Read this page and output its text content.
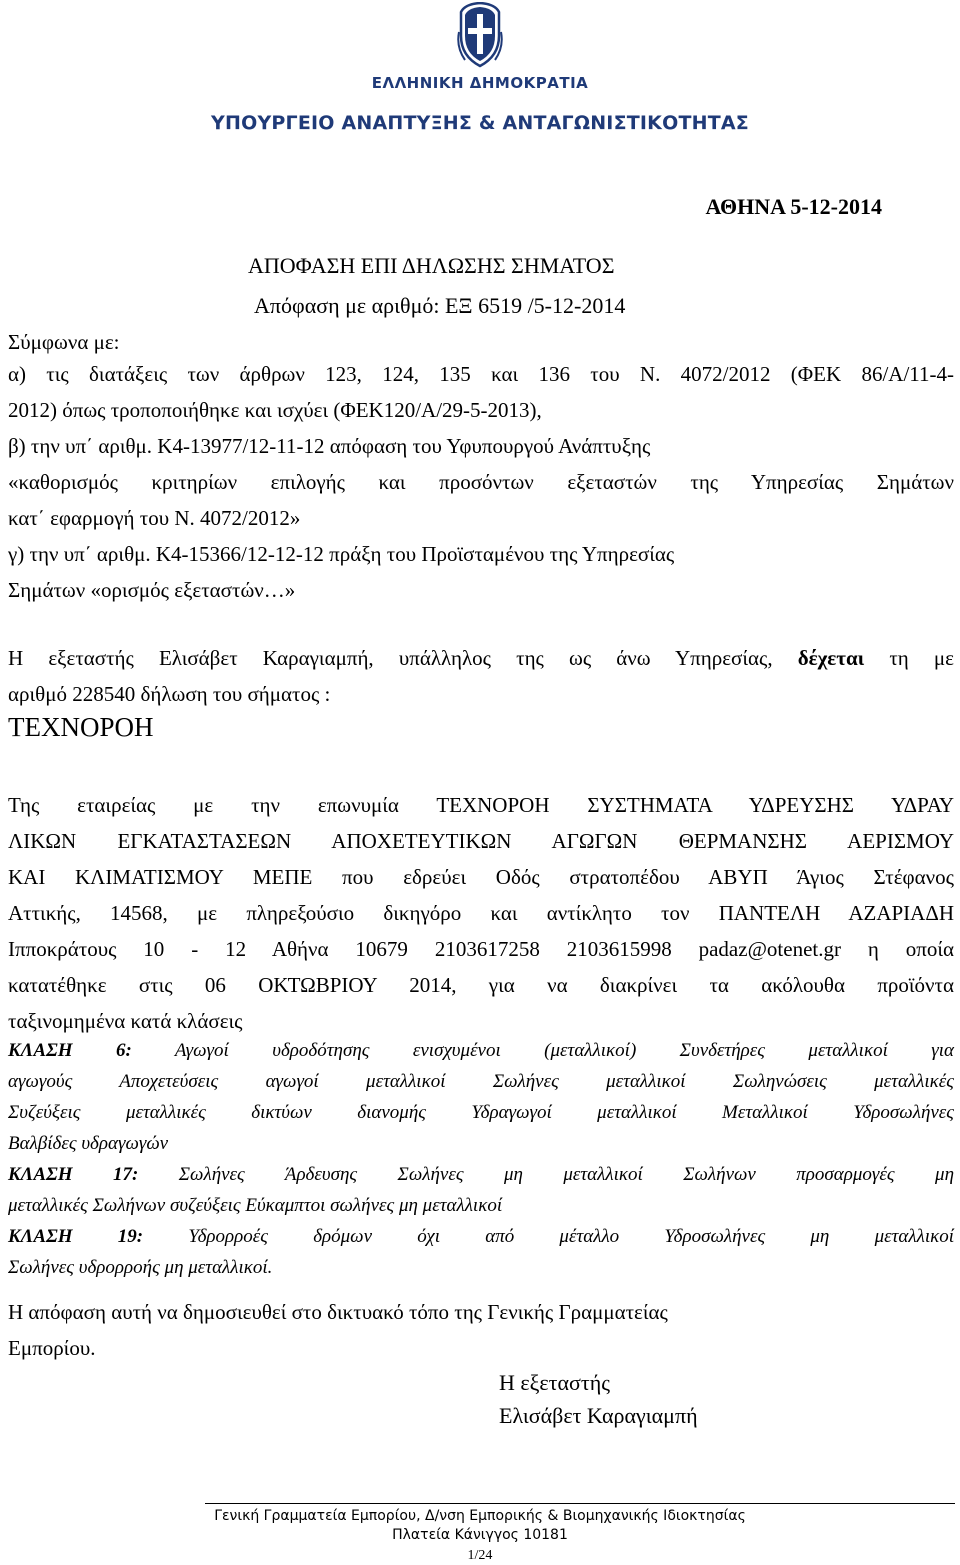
ΕΛΛΗΝΙΚΗ ΔΗΜΟΚΡΑΤΙΑ
ΥΠΟΥΡΓΕΙΟ ΑΝΑΠΤΥΞΗΣ & ΑΝΤΑΓΩΝΙΣΤΙΚΟΤΗΤΑΣ
ΑΘΗΝΑ 5-12-2014
ΑΠΟΦΑΣΗ ΕΠΙ ΔΗΛΩΣΗΣ ΣΗΜΑΤΟΣ
Απόφαση με αριθμό: ΕΞ 6519 /5-12-2014
Σύμφωνα με:
α) τις διατάξεις των άρθρων 123, 124, 135 και 136 του Ν. 4072/2012 (ΦΕΚ 86/Α/11-4-
2012) όπως τροποποιήθηκε και ισχύει (ΦΕΚ120/Α/29-5-2013),
β) την υπ΄ αριθμ. Κ4-13977/12-11-12 απόφαση του Υφυπουργού Ανάπτυξης
«καθορισμός κριτηρίων επιλογής και προσόντων εξεταστών της Υπηρεσίας Σημάτων
κατ΄ εφαρμογή του Ν. 4072/2012»
γ) την υπ΄ αριθμ. Κ4-15366/12-12-12 πράξη του Προϊσταμένου της Υπηρεσίας
Σημάτων «ορισμός εξεταστών…»
Η εξεταστής Ελισάβετ Καραγιαμπή, υπάλληλος της ως άνω Υπηρεσίας, δέχεται τη με
αριθμό 228540 δήλωση του σήματος :
ΤΕΧΝΟΡΟΗ
Της εταιρείας με την επωνυμία ΤΕΧΝΟΡΟΗ ΣΥΣΤΗΜΑΤΑ ΥΔΡΕΥΣΗΣ ΥΔΡΑΥ
ΛΙΚΩΝ ΕΓΚΑΤΑΣΤΑΣΕΩΝ ΑΠΟΧΕΤΕΥΤΙΚΩΝ ΑΓΩΓΩΝ ΘΕΡΜΑΝΣΗΣ ΑΕΡΙΣΜΟΥ
ΚΑΙ ΚΛΙΜΑΤΙΣΜΟΥ ΜΕΠΕ που εδρεύει Οδός στρατοπέδου ΑΒΥΠ Άγιος Στέφανος
Αττικής, 14568, με πληρεξούσιο δικηγόρο και αντίκλητο τον ΠΑΝΤΕΛΗ ΑΖΑΡΙΑΔΗ
Ιπποκράτους 10 - 12 Αθήνα 10679 2103617258 2103615998 padaz@otenet.gr η οποία
κατατέθηκε στις 06 ΟΚΤΩΒΡΙΟΥ 2014, για να διακρίνει τα ακόλουθα προϊόντα
ταξινομημένα κατά κλάσεις
ΚΛΑΣΗ 6: Αγωγοί υδροδότησης ενισχυμένοι (μεταλλικοί) Συνδετήρες μεταλλικοί για
αγωγούς Αποχετεύσεις αγωγοί μεταλλικοί Σωλήνες μεταλλικοί Σωληνώσεις μεταλλικές
Συζεύξεις μεταλλικές δικτύων διανομής Υδραγωγοί μεταλλικοί Μεταλλικοί Υδροσωλήνες
Βαλβίδες υδραγωγών
ΚΛΑΣΗ 17: Σωλήνες Άρδευσης Σωλήνες μη μεταλλικοί Σωλήνων προσαρμογές μη
μεταλλικές Σωλήνων συζεύξεις Εύκαμπτοι σωλήνες μη μεταλλικοί
ΚΛΑΣΗ 19: Υδρορροές δρόμων όχι από μέταλλο Υδροσωλήνες μη μεταλλικοί
Σωλήνες υδρορροής μη μεταλλικοί.
Η απόφαση αυτή να δημοσιευθεί στο δικτυακό τόπο της Γενικής Γραμματείας
Εμπορίου.
Η εξεταστής
Ελισάβετ Καραγιαμπή
Γενική Γραμματεία Εμπορίου, Δ/νση Εμπορικής & Βιομηχανικής Ιδιοκτησίας
Πλατεία Κάνιγγος 10181
1/24
